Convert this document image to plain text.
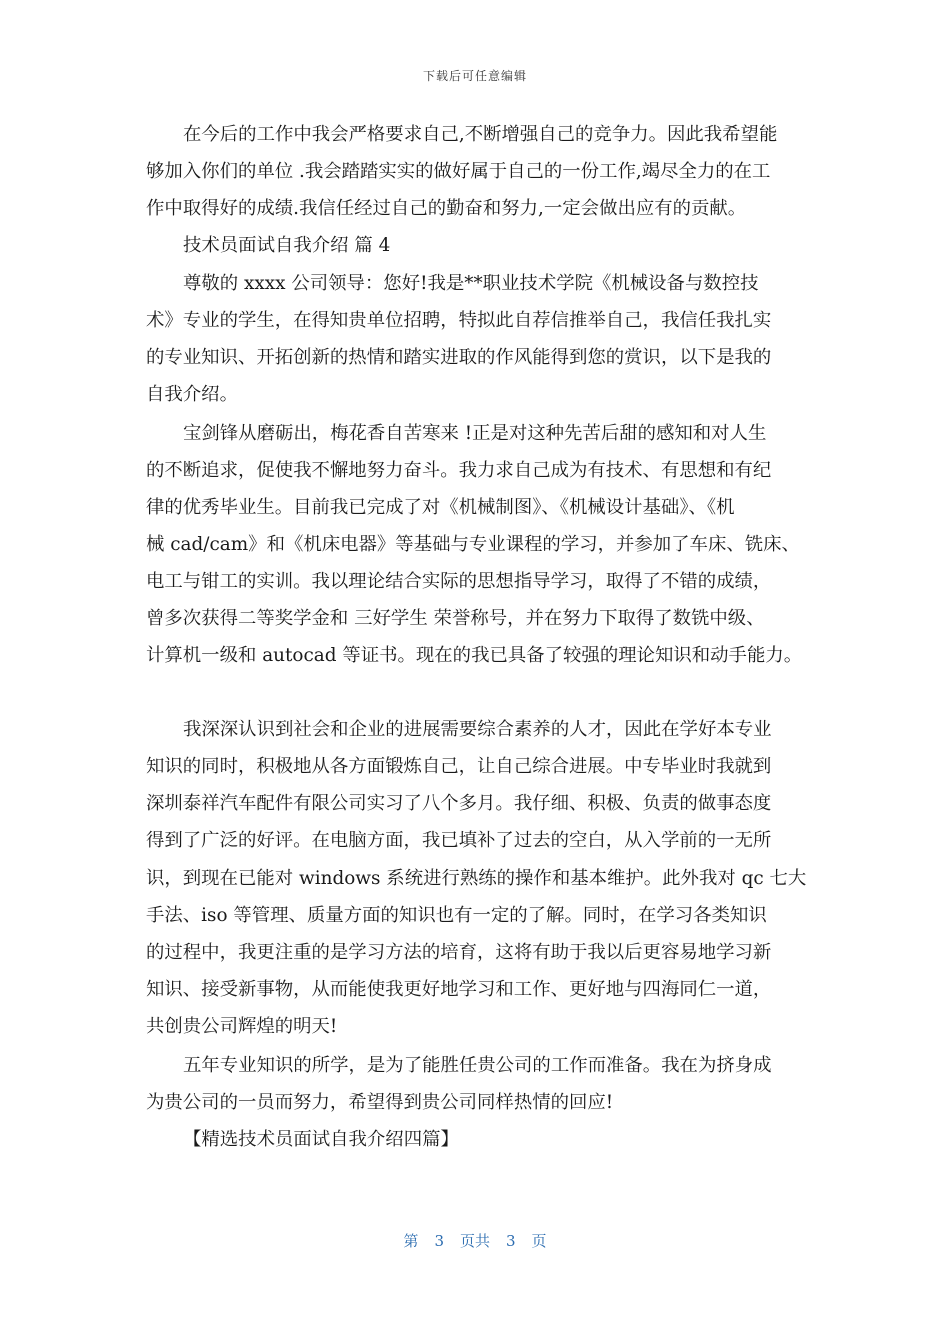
下载后可任意编辑
在今后的工作中我会严格要求自己,不断增强自己的竞争力。因此我希望能
够加入你们的单位 .我会踏踏实实的做好属于自己的一份工作,竭尽全力的在工
作中取得好的成绩.我信任经过自己的勤奋和努力,一定会做出应有的贡献。
技术员面试自我介绍 篇 4
尊敬的 xxxx 公司领导：您好!我是**职业技术学院《机械设备与数控技
术》专业的学生，在得知贵单位招聘，特拟此自荐信推举自己，我信任我扎实
的专业知识、开拓创新的热情和踏实进取的作风能得到您的赏识，以下是我的
自我介绍。
宝剑锋从磨砺出，梅花香自苦寒来 !正是对这种先苦后甜的感知和对人生
的不断追求，促使我不懈地努力奋斗。我力求自己成为有技术、有思想和有纪
律的优秀毕业生。目前我已完成了对《机械制图》、《机械设计基础》、《机
械 cad/cam》和《机床电器》等基础与专业课程的学习，并参加了车床、铣床、
电工与钳工的实训。我以理论结合实际的思想指导学习，取得了不错的成绩，
曾多次获得二等奖学金和 三好学生 荣誉称号，并在努力下取得了数铣中级、
计算机一级和 autocad 等证书。现在的我已具备了较强的理论知识和动手能力。
我深深认识到社会和企业的进展需要综合素养的人才，因此在学好本专业
知识的同时，积极地从各方面锻炼自己，让自己综合进展。中专毕业时我就到
深圳泰祥汽车配件有限公司实习了八个多月。我仔细、积极、负责的做事态度
得到了广泛的好评。在电脑方面，我已填补了过去的空白，从入学前的一无所
识，到现在已能对 windows 系统进行熟练的操作和基本维护。此外我对 qc 七大
手法、iso 等管理、质量方面的知识也有一定的了解。同时，在学习各类知识
的过程中，我更注重的是学习方法的培育，这将有助于我以后更容易地学习新
知识、接受新事物，从而能使我更好地学习和工作、更好地与四海同仁一道，
共创贵公司辉煌的明天!
五年专业知识的所学，是为了能胜任贵公司的工作而准备。我在为挤身成
为贵公司的一员而努力，希望得到贵公司同样热情的回应!
【精选技术员面试自我介绍四篇】
第 3 页共 3 页
